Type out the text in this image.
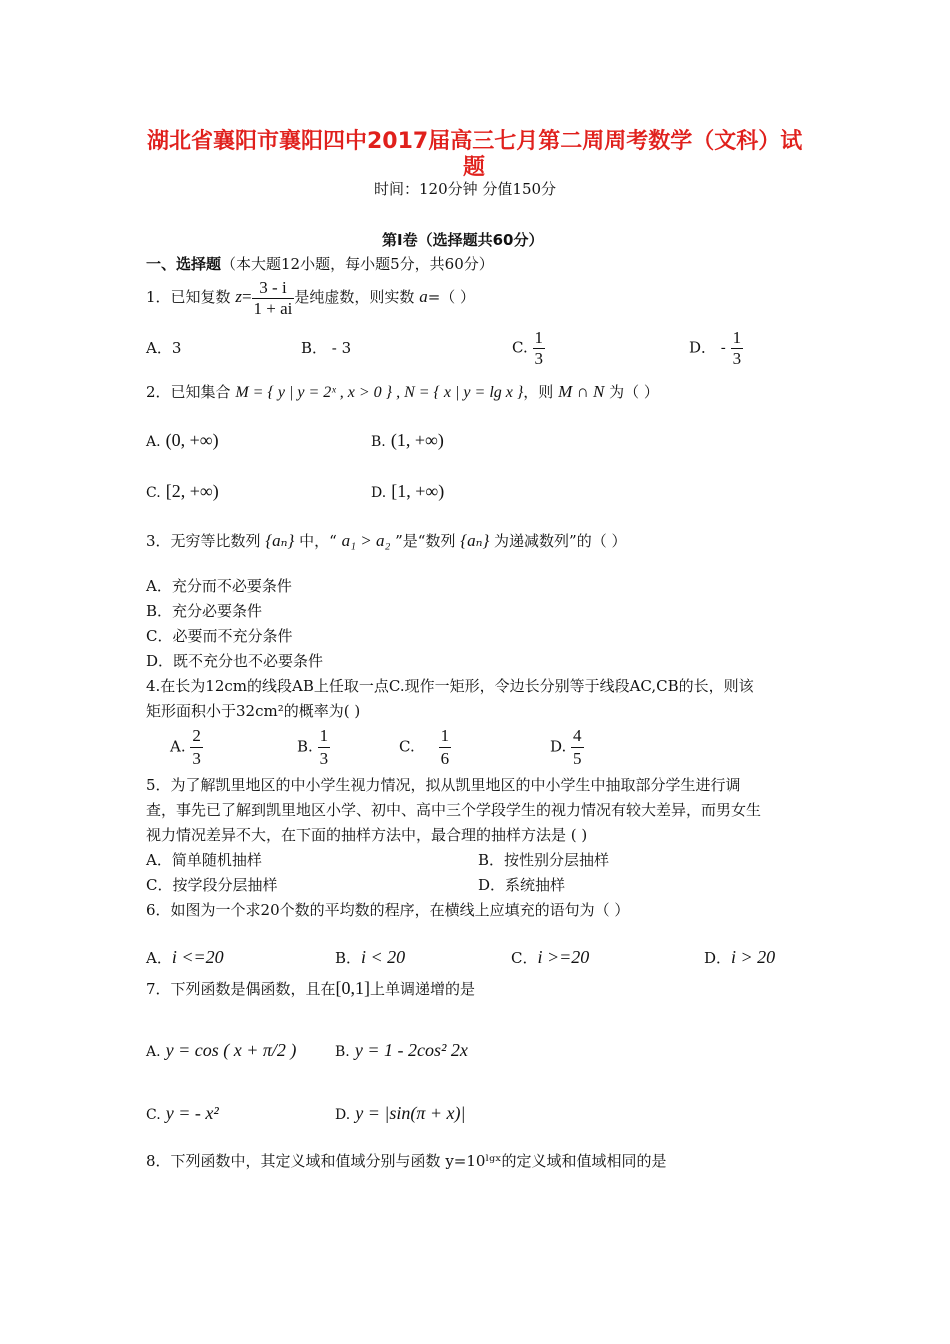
湖北省襄阳市襄阳四中2017届高三七月第二周周考数学（文科）试
题
时间：120分钟 分值150分
第Ⅰ卷（选择题共60分）
一、选择题（本大题12小题，每小题5分，共60分）
1．已知复数 $z= \frac{3 - i}{1 + ai}$ 是纯虚数，则实数 a=（ ）
A．3	B． - 3	C. $\frac{1}{3}$	D． - $\frac{1}{3}$
2．已知集合 M = { y | y = 2ˣ , x > 0 } , N = { x | y = lg x }，则 M ∩ N 为（ ）
A. (0, +∞)	B. (1, +∞)
C. [2, +∞)	D. [1, +∞)
3．无穷等比数列 {aₙ} 中，“ a₁ > a₂ ”是“数列 {aₙ} 为递减数列”的（ ）
A．充分而不必要条件
B．充分必要条件
C．必要而不充分条件
D．既不充分也不必要条件
4.在长为12cm的线段AB上任取一点C.现作一矩形，令边长分别等于线段AC,CB的长，则该
矩形面积小于32cm²的概率为( )
A. $\frac{2}{3}$	B. $\frac{1}{3}$	C. $\frac{1}{6}$	D. $\frac{4}{5}$
5．为了解凯里地区的中小学生视力情况，拟从凯里地区的中小学生中抽取部分学生进行调
查，事先已了解到凯里地区小学、初中、高中三个学段学生的视力情况有较大差异，而男女生
视力情况差异不大，在下面的抽样方法中，最合理的抽样方法是 ( )
A．简单随机抽样	B．按性别分层抽样
C．按学段分层抽样	D．系统抽样
6．如图为一个求20个数的平均数的程序，在横线上应填充的语句为（ ）
A．i <=20	B．i < 20	C．i >=20	D．i > 20
7．下列函数是偶函数，且在[0,1]上单调递增的是
A. y = cos ( x + π/2 )	B. y = 1 - 2cos² 2x
C. y = - x²	D. y = |sin(π + x)|
8．下列函数中，其定义域和值域分别与函数 y=10ˡᵍˣ的定义域和值域相同的是
